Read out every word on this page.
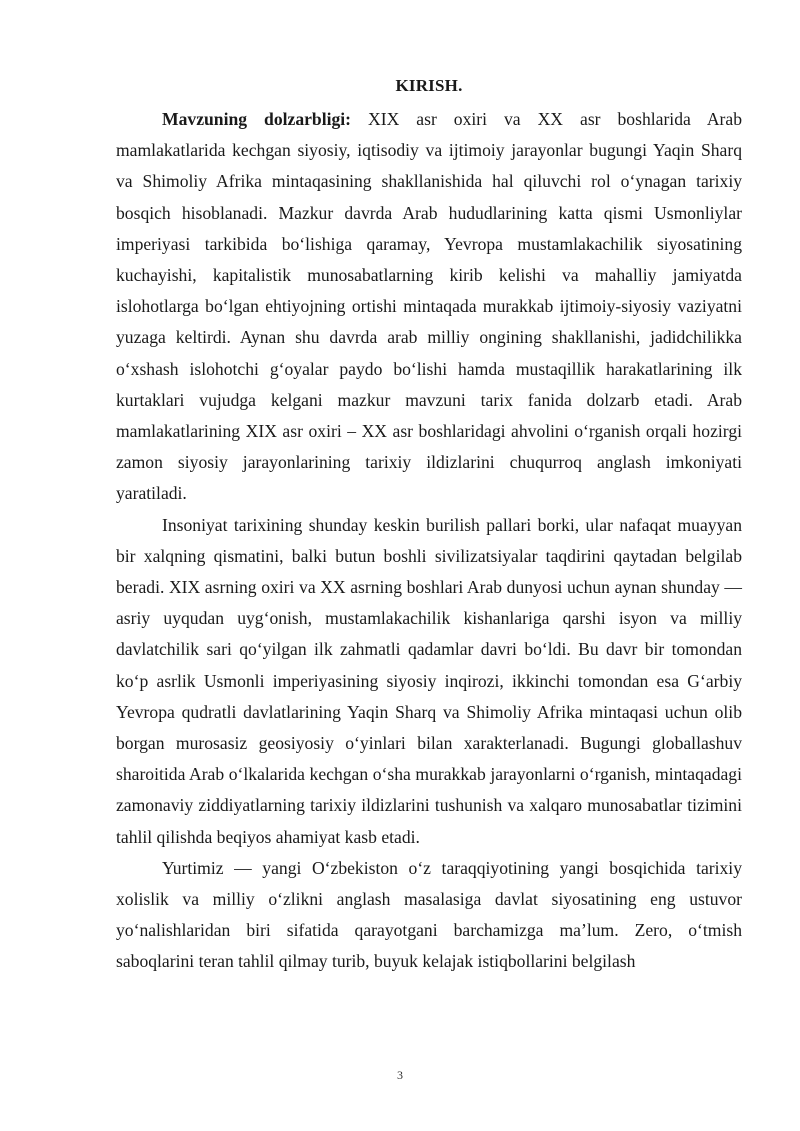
KIRISH.

Mavzuning dolzarbligi: XIX asr oxiri va XX asr boshlarida Arab mamlakatlarida kechgan siyosiy, iqtisodiy va ijtimoiy jarayonlar bugungi Yaqin Sharq va Shimoliy Afrika mintaqasining shakllanishida hal qiluvchi rol oʻynagan tarixiy bosqich hisoblanadi. Mazkur davrda Arab hududlarining katta qismi Usmonliylar imperiyasi tarkibida boʻlishiga qaramay, Yevropa mustamlakachilik siyosatining kuchayishi, kapitalistik munosabatlarning kirib kelishi va mahalliy jamiyatda islohotlarga boʻlgan ehtiyojning ortishi mintaqada murakkab ijtimoiy-siyosiy vaziyatni yuzaga keltirdi. Aynan shu davrda arab milliy ongining shakllanishi, jadidchilikka oʻxshash islohotchi gʻoyalar paydo boʻlishi hamda mustaqillik harakatlarining ilk kurtaklari vujudga kelgani mazkur mavzuni tarix fanida dolzarb etadi. Arab mamlakatlarining XIX asr oxiri – XX asr boshlaridagi ahvolini oʻrganish orqali hozirgi zamon siyosiy jarayonlarining tarixiy ildizlarini chuqurroq anglash imkoniyati yaratiladi.

Insoniyat tarixining shunday keskin burilish pallari borki, ular nafaqat muayyan bir xalqning qismatini, balki butun boshli sivilizatsiyalar taqdirini qaytadan belgilab beradi. XIX asrning oxiri va XX asrning boshlari Arab dunyosi uchun aynan shunday — asriy uyqudan uygʻonish, mustamlakachilik kishanlariga qarshi isyon va milliy davlatchilik sari qoʻyilgan ilk zahmatli qadamlar davri boʻldi. Bu davr bir tomondan koʻp asrlik Usmonli imperiyasining siyosiy inqirozi, ikkinchi tomondan esa Gʻarbiy Yevropa qudratli davlatlarining Yaqin Sharq va Shimoliy Afrika mintaqasi uchun olib borgan murosasiz geosiyosiy oʻyinlari bilan xarakterlanadi. Bugungi globallashuv sharoitida Arab oʻlkalarida kechgan oʻsha murakkab jarayonlarni oʻrganish, mintaqadagi zamonaviy ziddiyatlarning tarixiy ildizlarini tushunish va xalqaro munosabatlar tizimini tahlil qilishda beqiyos ahamiyat kasb etadi.

Yurtimiz — yangi Oʻzbekiston oʻz taraqqiyotining yangi bosqichida tarixiy xolislik va milliy oʻzlikni anglash masalasiga davlat siyosatining eng ustuvor yoʻnalishlaridan biri sifatida qarayotgani barchamizga maʼlum. Zero, oʻtmish saboqlarini teran tahlil qilmay turib, buyuk kelajak istiqbollarini belgilash

3
